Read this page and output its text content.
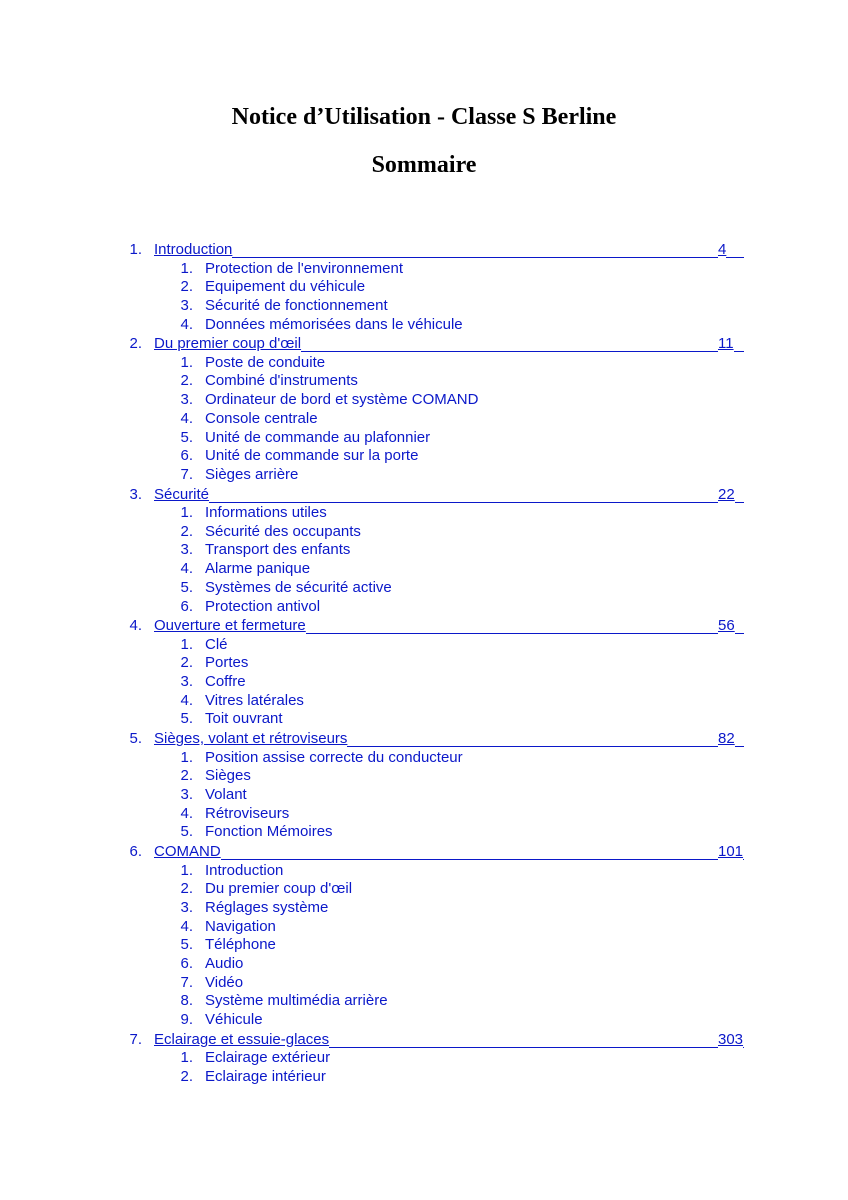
Notice d’Utilisation - Classe S Berline
Sommaire
1. Introduction	4
1. Protection de l'environnement
2. Equipement du véhicule
3. Sécurité de fonctionnement
4. Données mémorisées dans le véhicule
2. Du premier coup d'œil	11
1. Poste de conduite
2. Combiné d'instruments
3. Ordinateur de bord et système COMAND
4. Console centrale
5. Unité de commande au plafonnier
6. Unité de commande sur la porte
7. Sièges arrière
3. Sécurité	22
1. Informations utiles
2. Sécurité des occupants
3. Transport des enfants
4. Alarme panique
5. Systèmes de sécurité active
6. Protection antivol
4. Ouverture et fermeture	56
1. Clé
2. Portes
3. Coffre
4. Vitres latérales
5. Toit ouvrant
5. Sièges, volant et rétroviseurs	82
1. Position assise correcte du conducteur
2. Sièges
3. Volant
4. Rétroviseurs
5. Fonction Mémoires
6. COMAND	101
1. Introduction
2. Du premier coup d'œil
3. Réglages système
4. Navigation
5. Téléphone
6. Audio
7. Vidéo
8. Système multimédia arrière
9. Véhicule
7. Eclairage et essuie-glaces	303
1. Eclairage extérieur
2. Eclairage intérieur
